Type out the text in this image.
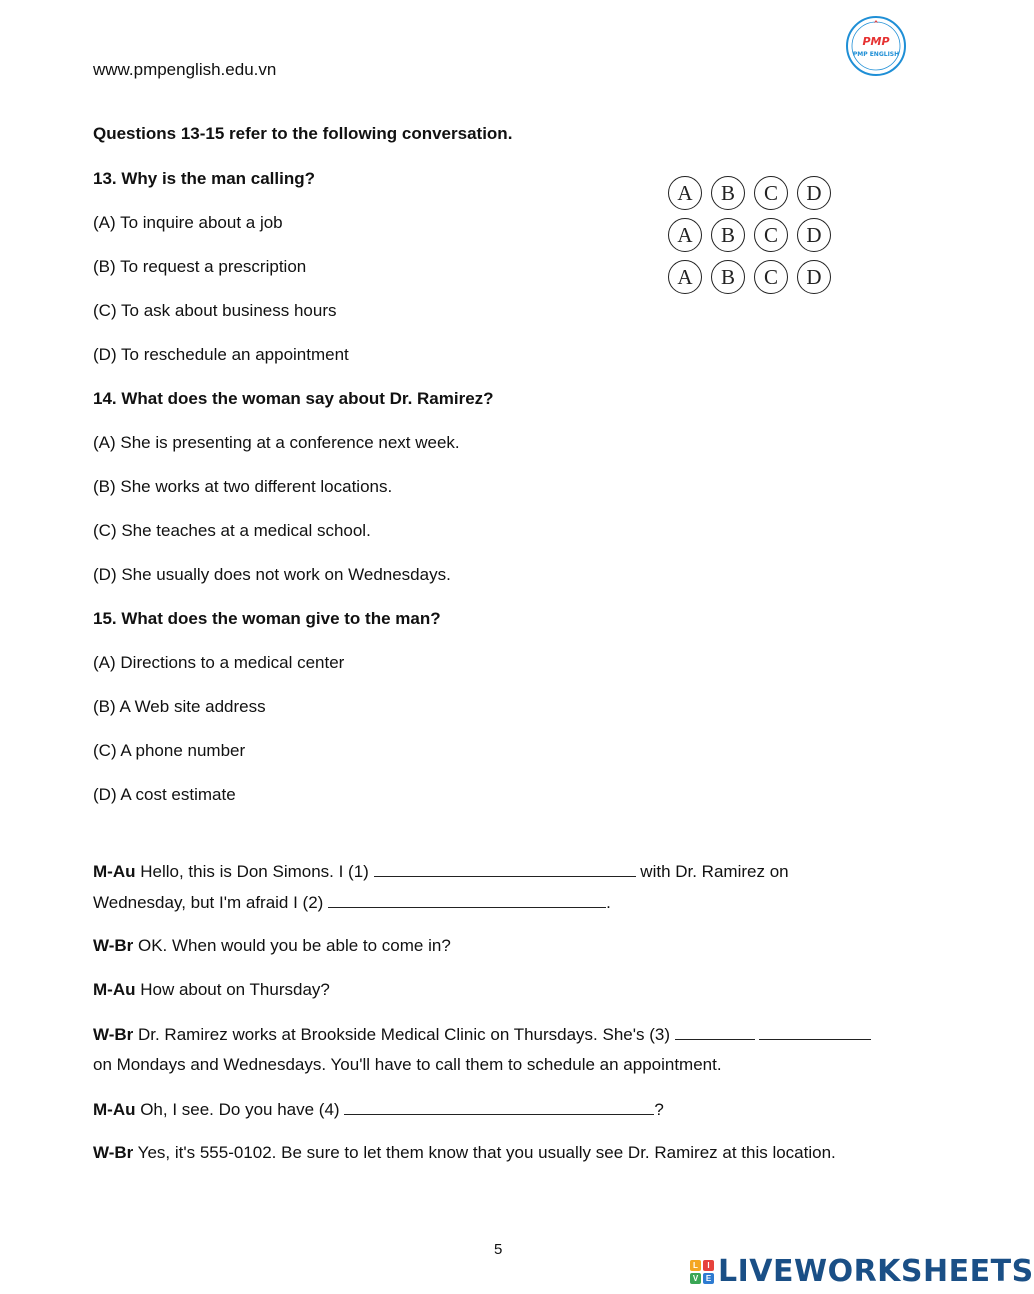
www.pmpenglish.edu.vn
PMP
PMP ENGLISH
Questions 13-15 refer to the following conversation.
13. Why is the man calling?
(A) To inquire about a job
(B) To request a prescription
(C) To ask about business hours
(D) To reschedule an appointment
14. What does the woman say about Dr. Ramirez?
(A) She is presenting at a conference next week.
(B) She works at two different locations.
(C) She teaches at a medical school.
(D) She usually does not work on Wednesdays.
15. What does the woman give to the man?
(A) Directions to a medical center
(B) A Web site address
(C) A phone number
(D) A cost estimate
A	B	C	D
A	B	C	D
A	B	C	D
M-Au Hello, this is Don Simons. I (1)	with Dr. Ramirez on
Wednesday, but I'm afraid I (2)	.
W-Br OK. When would you be able to come in?
M-Au How about on Thursday?
W-Br Dr. Ramirez works at Brookside Medical Clinic on Thursdays. She's (3)
on Mondays and Wednesdays. You'll have to call them to schedule an appointment.
M-Au Oh, I see. Do you have (4)	?
W-Br Yes, it's 555-0102. Be sure to let them know that you usually see Dr. Ramirez at this location.
5
L	I
V E LIVEWORKSHEETS
